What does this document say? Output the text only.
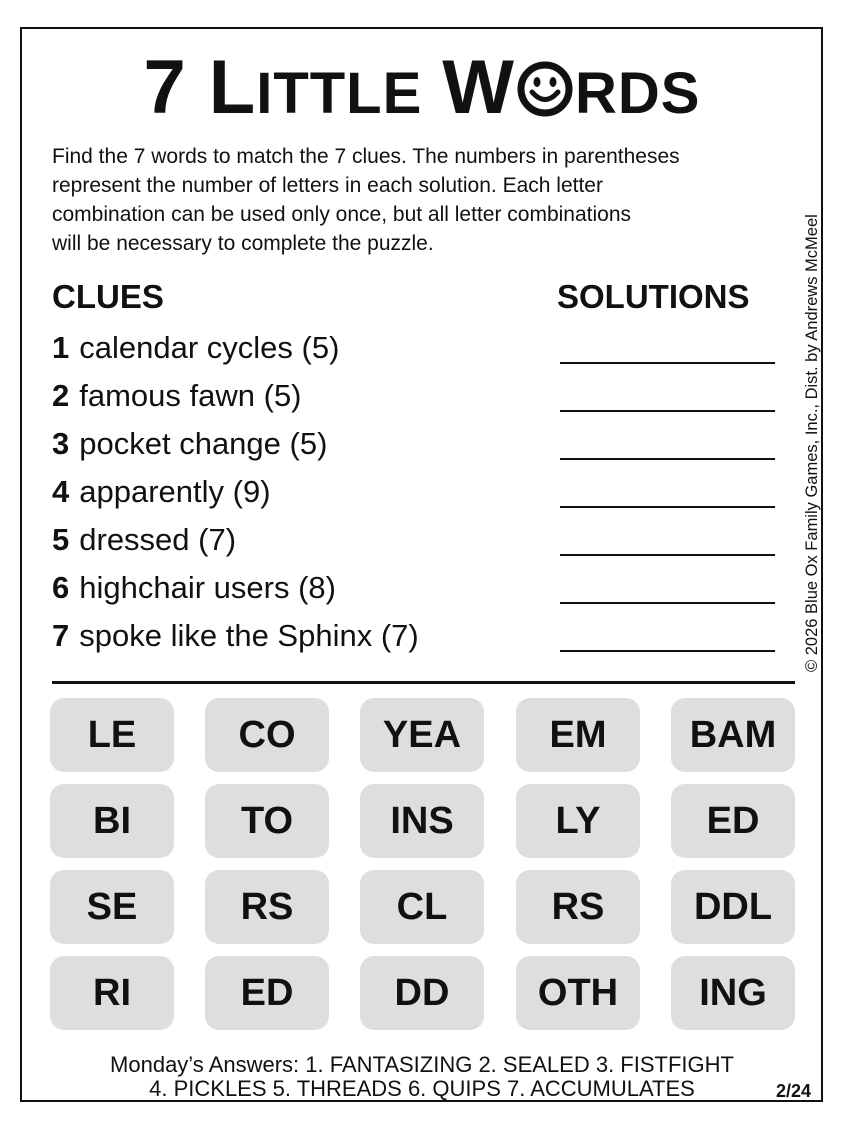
7 L ITTLE W RDS
Find the 7 words to match the 7 clues. The numbers in parentheses
represent the number of letters in each solution. Each letter
combination can be used only once, but all letter combinations
will be necessary to complete the puzzle.
CLUES	SOLUTIONS
1 calendar cycles (5)
2 famous fawn (5)
3 pocket change (5)
4 apparently (9)
5 dressed (7)
6 highchair users (8)
7 spoke like the Sphinx (7)	© 2026 Blue Ox Family Games, Inc., Dist. by Andrews McMeel
LE	CO	YEA	EM	BAM
BI	TO	INS	LY	ED
SE	RS	CL	RS	DDL
RI	ED	DD	OTH	ING
Monday’s Answers: 1. FANTASIZING 2. SEALED 3. FISTFIGHT
4. PICKLES 5. THREADS 6. QUIPS 7. ACCUMULATES	2/24
